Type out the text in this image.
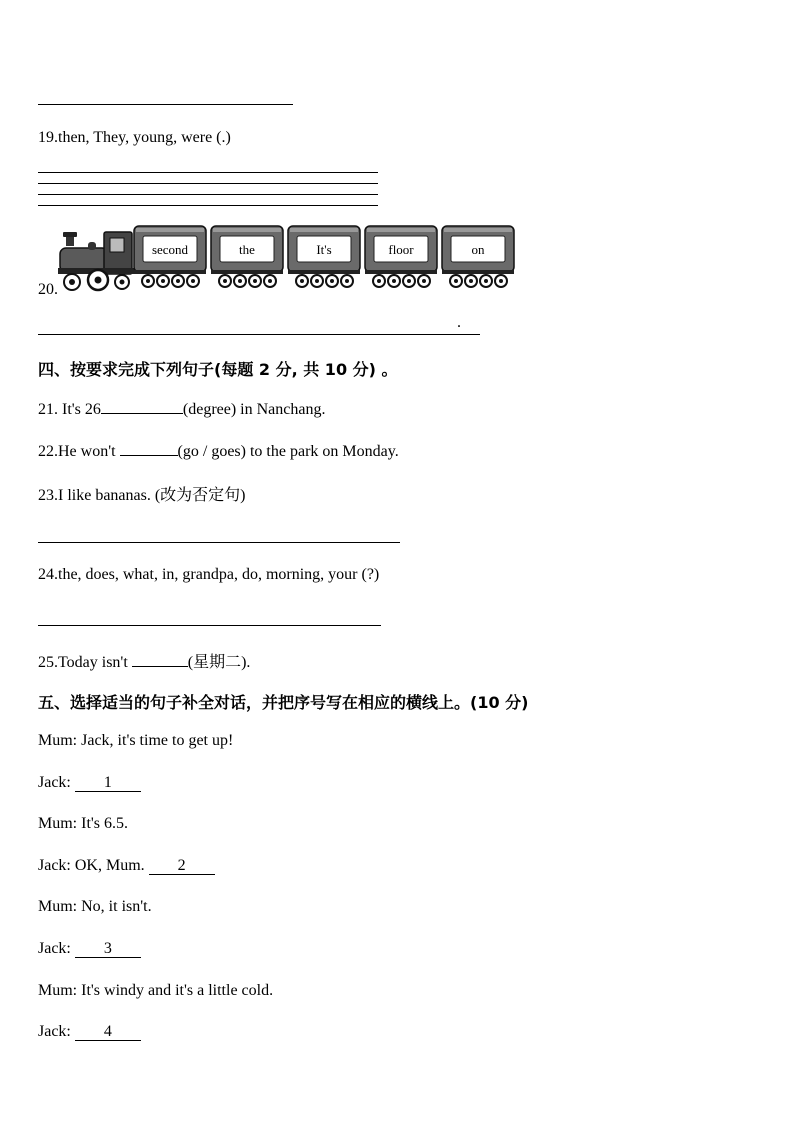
19.then, They, young, were (.)
20.
second	the	It's	floor	on
.
四、按要求完成下列句子(每题 2 分, 共 10 分) 。
21. It's 26	(degree) in Nanchang.
22.He won't	(go / goes) to the park on Monday.
23.I like bananas. (改为否定句)
24.the, does, what, in, grandpa, do, morning, your (?)
25.Today isn't	(星期二).
五、选择适当的句子补全对话，并把序号写在相应的横线上。(10 分)
Mum: Jack, it's time to get up!
Jack: 1
Mum: It's 6.5.
Jack: OK, Mum. 2
Mum: No, it isn't.
Jack: 3
Mum: It's windy and it's a little cold.
Jack: 4
